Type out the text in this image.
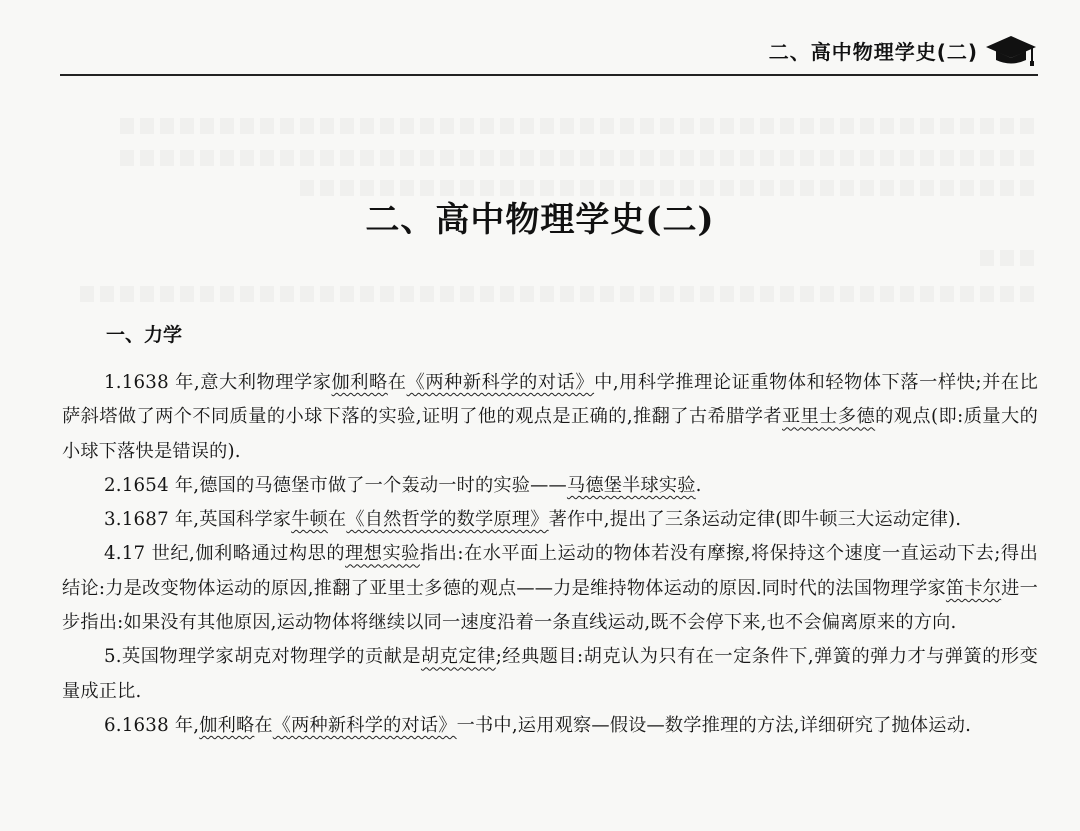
二、高中物理学史(二)
二、高中物理学史(二)
一、力学

1.1638 年,意大利物理学家伽利略在《两种新科学的对话》中,用科学推理论证重物体和轻物体下落一样快;并在比萨斜塔做了两个不同质量的小球下落的实验,证明了他的观点是正确的,推翻了古希腊学者亚里士多德的观点(即:质量大的小球下落快是错误的).

2.1654 年,德国的马德堡市做了一个轰动一时的实验——马德堡半球实验.

3.1687 年,英国科学家牛顿在《自然哲学的数学原理》著作中,提出了三条运动定律(即牛顿三大运动定律).

4.17 世纪,伽利略通过构思的理想实验指出:在水平面上运动的物体若没有摩擦,将保持这个速度一直运动下去;得出结论:力是改变物体运动的原因,推翻了亚里士多德的观点——力是维持物体运动的原因.同时代的法国物理学家笛卡尔进一步指出:如果没有其他原因,运动物体将继续以同一速度沿着一条直线运动,既不会停下来,也不会偏离原来的方向.

5.英国物理学家胡克对物理学的贡献是胡克定律;经典题目:胡克认为只有在一定条件下,弹簧的弹力才与弹簧的形变量成正比.

6.1638 年,伽利略在《两种新科学的对话》一书中,运用观察—假设—数学推理的方法,详细研究了抛体运动.
